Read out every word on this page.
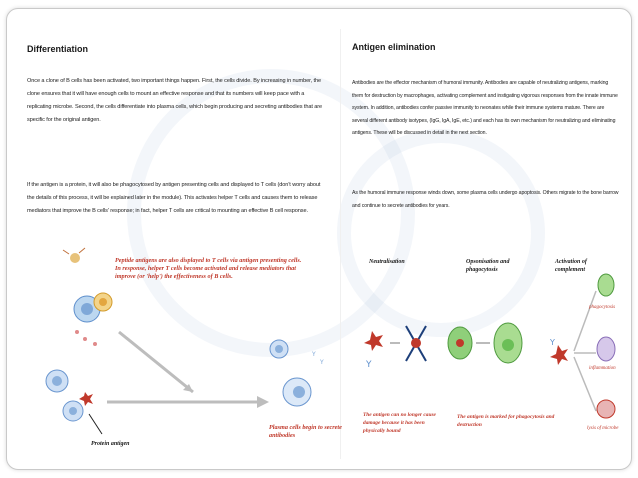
Differentiation
Once a clone of B cells has been activated, two important things happen. First, the cells divide. By increasing in number, the clone ensures that it will have enough cells to mount an effective response and that its numbers will keep pace with a replicating microbe. Second, the cells differentiate into plasma cells, which begin producing and secreting antibodies that are specific for the original antigen.
If the antigen is a protein, it will also be phagocytosed by antigen presenting cells and displayed to T cells (don't worry about the details of this process, it will be explained later in the module). This activates helper T cells and causes them to release mediators that improve the B cells' response; in fact, helper T cells are critical to mounting an effective B cell response.
Y
Y
Peptide antigens are also displayed to T cells via antigen presenting cells. In response, helper T cells become activated and release mediators that improve (or 'help') the effectiveness of B cells.
Protein antigen
Plasma cells begin to secrete antibodies
Antigen elimination
Antibodies are the effector mechanism of humoral immunity. Antibodies are capable of neutralizing antigens, marking them for destruction by macrophages, activating complement and instigating vigorous responses from the innate immune system. In addition, antibodies confer passive immunity to neonates while their immune systems mature. There are several different antibody isotypes, (IgG, IgA, IgE, etc.) and each has its own mechanism for neutralizing and eliminating antigens. These will be discussed in detail in the next section.
As the humoral immune response winds down, some plasma cells undergo apoptosis. Others migrate to the bone barrow and continue to secrete antibodies for years.
Neutralisation	Opsonisation and phagocytosis
Activation of complement
Y
Y
phagocytosis
inflammation
lysis of microbe
The antigen can no longer cause damage because it has been physically bound
The antigen is marked for phagocytosis and destruction
